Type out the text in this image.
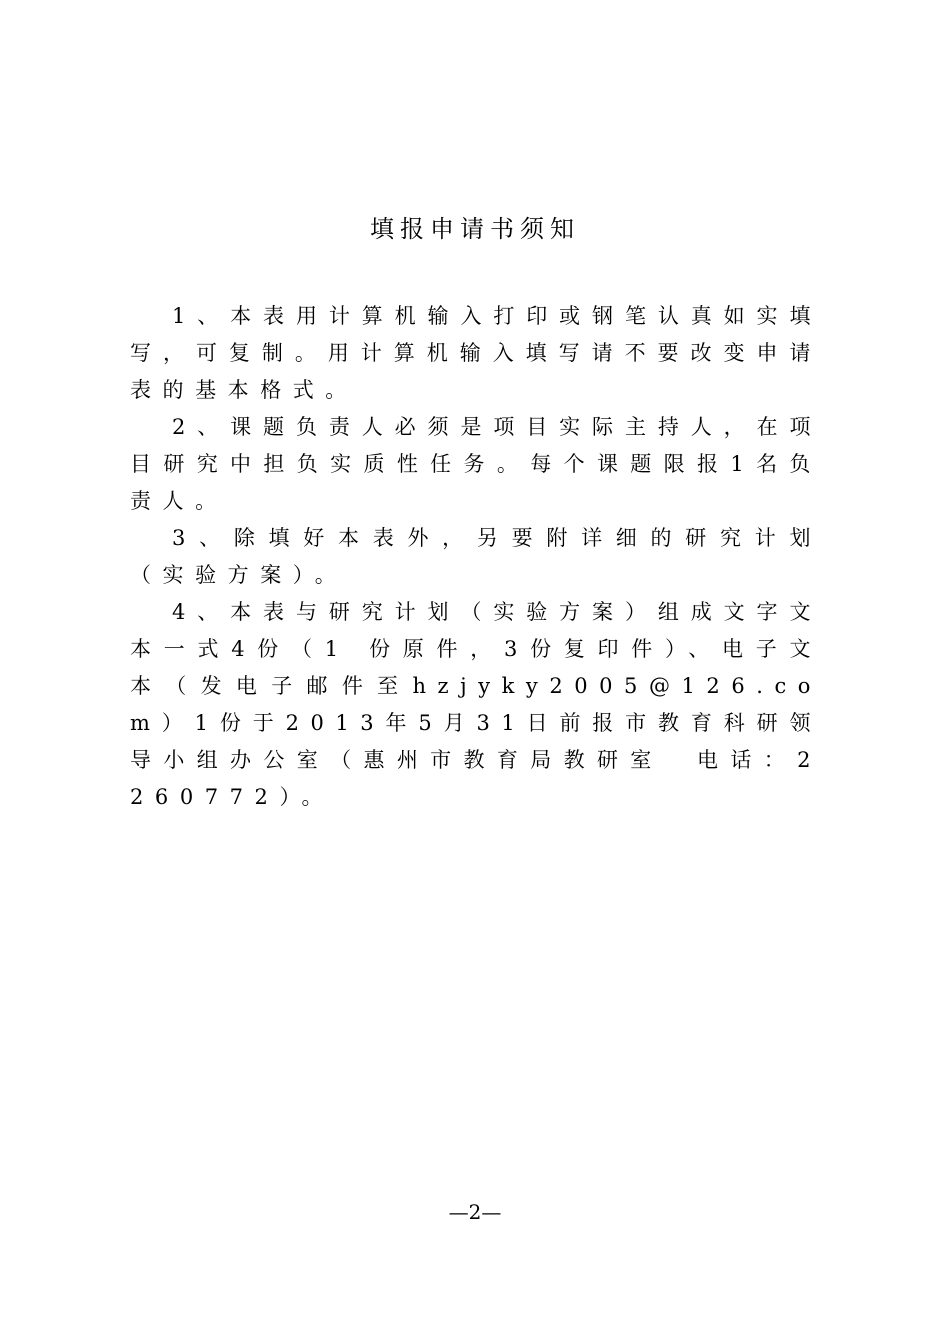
填报申请书须知

1、本表用计算机输入打印或钢笔认真如实填写，可复制。用计算机输入填写请不要改变申请表的基本格式。

2、课题负责人必须是项目实际主持人，在项目研究中担负实质性任务。每个课题限报1名负责人。

3、除填好本表外，另要附详细的研究计划（实验方案）。

4、本表与研究计划（实验方案）组成文字文本一式4份（1 份原件，3份复印件）、电子文本（发电子邮件至hzjyky2005@126.com）1份于2013年5月31日前报市教育科研领导小组办公室（惠州市教育局教研室　电话：2260772）。

—2—
